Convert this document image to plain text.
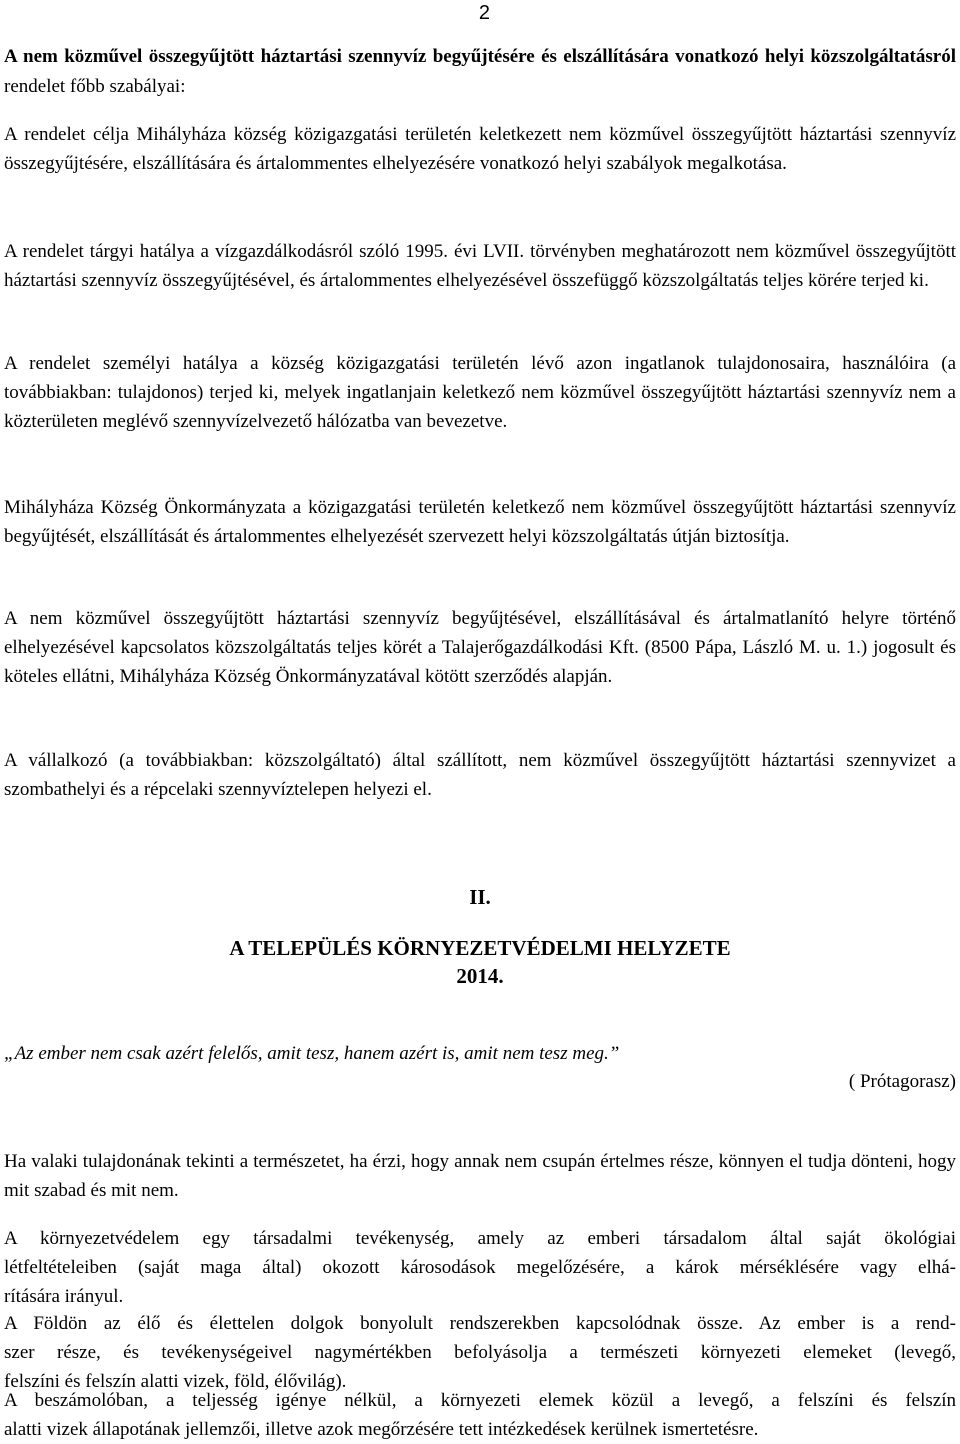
2

A nem közművel összegyűjtött háztartási szennyvíz begyűjtésére és elszállítására vonatkozó helyi közszolgáltatásról rendelet főbb szabályai:

A rendelet célja Mihályháza község közigazgatási területén keletkezett nem közművel összegyűjtött háztartási szennyvíz összegyűjtésére, elszállítására és ártalommentes elhelyezésére vonatkozó helyi szabályok megalkotása.

A rendelet tárgyi hatálya a vízgazdálkodásról szóló 1995. évi LVII. törvényben meghatározott nem közművel összegyűjtött háztartási szennyvíz összegyűjtésével, és ártalommentes elhelyezésével összefüggő közszolgáltatás teljes körére terjed ki.

A rendelet személyi hatálya a község közigazgatási területén lévő azon ingatlanok tulajdonosaira, használóira (a továbbiakban: tulajdonos) terjed ki, melyek ingatlanjain keletkező nem közművel összegyűjtött háztartási szennyvíz nem a közterületen meglévő szennyvízelvezető hálózatba van bevezetve.

Mihályháza Község Önkormányzata a közigazgatási területén keletkező nem közművel összegyűjtött háztartási szennyvíz begyűjtését, elszállítását és ártalommentes elhelyezését szervezett helyi közszolgáltatás útján biztosítja.

A nem közművel összegyűjtött háztartási szennyvíz begyűjtésével, elszállításával és ártalmatlanító helyre történő elhelyezésével kapcsolatos közszolgáltatás teljes körét a Talajerőgazdálkodási Kft. (8500 Pápa, László M. u. 1.) jogosult és köteles ellátni, Mihályháza Község Önkormányzatával kötött szerződés alapján.

A vállalkozó (a továbbiakban: közszolgáltató) által szállított, nem közművel összegyűjtött háztartási szennyvizet a szombathelyi és a répcelaki szennyvíztelepen helyezi el.

II.
A TELEPÜLÉS KÖRNYEZETVÉDELMI HELYZETE
2014.
„Az ember nem csak azért felelős, amit tesz, hanem azért is, amit nem tesz meg.”
( Prótagorasz)

Ha valaki tulajdonának tekinti a természetet, ha érzi, hogy annak nem csupán értelmes része, könnyen el tudja dönteni, hogy mit szabad és mit nem.

A környezetvédelem egy társadalmi tevékenység, amely az emberi társadalom által saját ökológiai

létfeltételeiben (saját maga által) okozott károsodások megelőzésére, a károk mérséklésére vagy elhá-

rítására irányul.

A Földön az élő és élettelen dolgok bonyolult rendszerekben kapcsolódnak össze. Az ember is a rend-

szer része, és tevékenységeivel nagymértékben befolyásolja a természeti környezeti elemeket (levegő,

felszíni és felszín alatti vizek, föld, élővilág).

A beszámolóban, a teljesség igénye nélkül, a környezeti elemek közül a levegő, a felszíni és felszín

alatti vizek állapotának jellemzői, illetve azok megőrzésére tett intézkedések kerülnek ismertetésre.
